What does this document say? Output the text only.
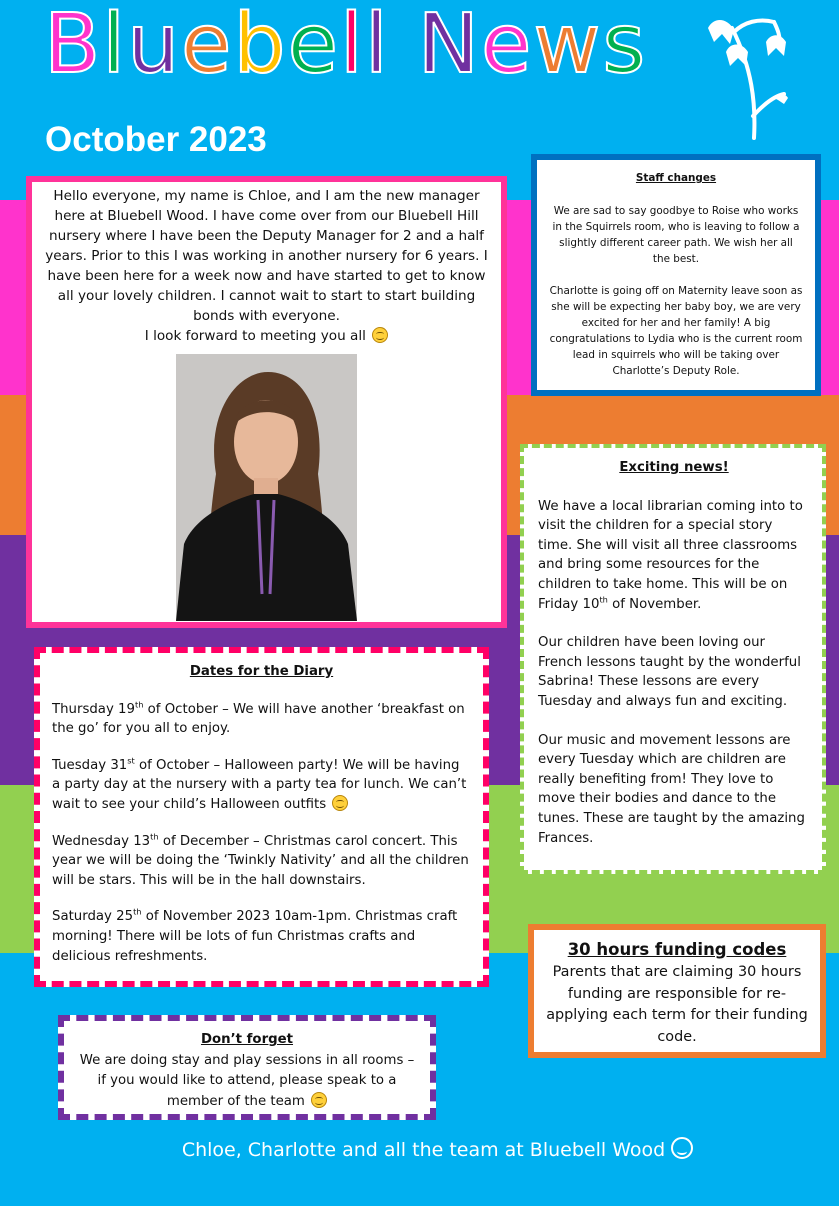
Bluebell News
October 2023

Hello everyone, my name is Chloe, and I am the new manager here at Bluebell Wood. I have come over from our Bluebell Hill nursery where I have been the Deputy Manager for 2 and a half years. Prior to this I was working in another nursery for 6 years. I have been here for a week now and have started to get to know all your lovely children. I cannot wait to start to start building bonds with everyone.

I look forward to meeting you all

Staff changes

We are sad to say goodbye to Roise who works in the Squirrels room, who is leaving to follow a slightly different career path. We wish her all the best.

Charlotte is going off on Maternity leave soon as she will be expecting her baby boy, we are very excited for her and her family! A big congratulations to Lydia who is the current room lead in squirrels who will be taking over Charlotte’s Deputy Role.

Exciting news!

We have a local librarian coming into to visit the children for a special story time. She will visit all three classrooms and bring some resources for the children to take home. This will be on Friday 10th of November.

Our children have been loving our French lessons taught by the wonderful Sabrina! These lessons are every Tuesday and always fun and exciting.

Our music and movement lessons are every Tuesday which are children are really benefiting from! They love to move their bodies and dance to the tunes. These are taught by the amazing Frances.

Dates for the Diary

Thursday 19th of October – We will have another ‘breakfast on the go’ for you all to enjoy.

Tuesday 31st of October – Halloween party! We will be having a party day at the nursery with a party tea for lunch. We can’t wait to see your child’s Halloween outfits

Wednesday 13th of December – Christmas carol concert. This year we will be doing the ‘Twinkly Nativity’ and all the children will be stars. This will be in the hall downstairs.

Saturday 25th of November 2023 10am-1pm. Christmas craft morning! There will be lots of fun Christmas crafts and delicious refreshments.	30 hours funding codes

Parents that are claiming 30 hours funding are responsible for re-applying each term for their funding code.

Don’t forget

We are doing stay and play sessions in all rooms – if you would like to attend, please speak to a member of the team

Chloe, Charlotte and all the team at Bluebell Wood
